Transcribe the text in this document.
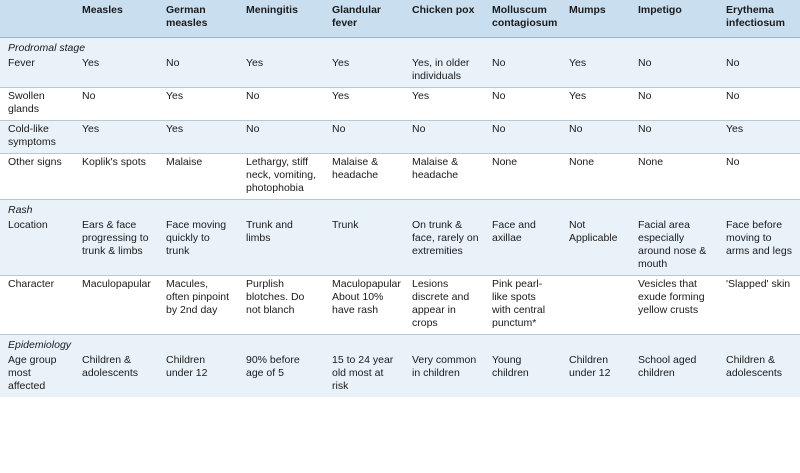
	Measles	German measles	Meningitis	Glandular fever	Chicken pox	Molluscum contagiosum	Mumps	Impetigo	Erythema infectiosum
Prodromal stage									
Fever	Yes	No	Yes	Yes	Yes, in older individuals	No	Yes	No	No
Swollen glands	No	Yes	No	Yes	Yes	No	Yes	No	No
Cold-like symptoms	Yes	Yes	No	No	No	No	No	No	Yes
Other signs	Koplik's spots	Malaise	Lethargy, stiff neck, vomiting, photophobia	Malaise & headache	Malaise & headache	None	None	None	No
Rash									
Location	Ears & face progressing to trunk & limbs	Face moving quickly to trunk	Trunk and limbs	Trunk	On trunk & face, rarely on extremities	Face and axillae	Not Applicable	Facial area especially around nose & mouth	Face before moving to arms and legs
Character	Maculopapular	Macules, often pinpoint by 2nd day	Purplish blotches. Do not blanch	Maculopapular About 10% have rash	Lesions discrete and appear in crops	Pink pearl-like spots with central punctum*		Vesicles that exude forming yellow crusts	'Slapped' skin
Epidemiology									
Age group most affected	Children & adolescents	Children under 12	90% before age of 5	15 to 24 year old most at risk	Very common in children	Young children	Children under 12	School aged children	Children & adolescents
